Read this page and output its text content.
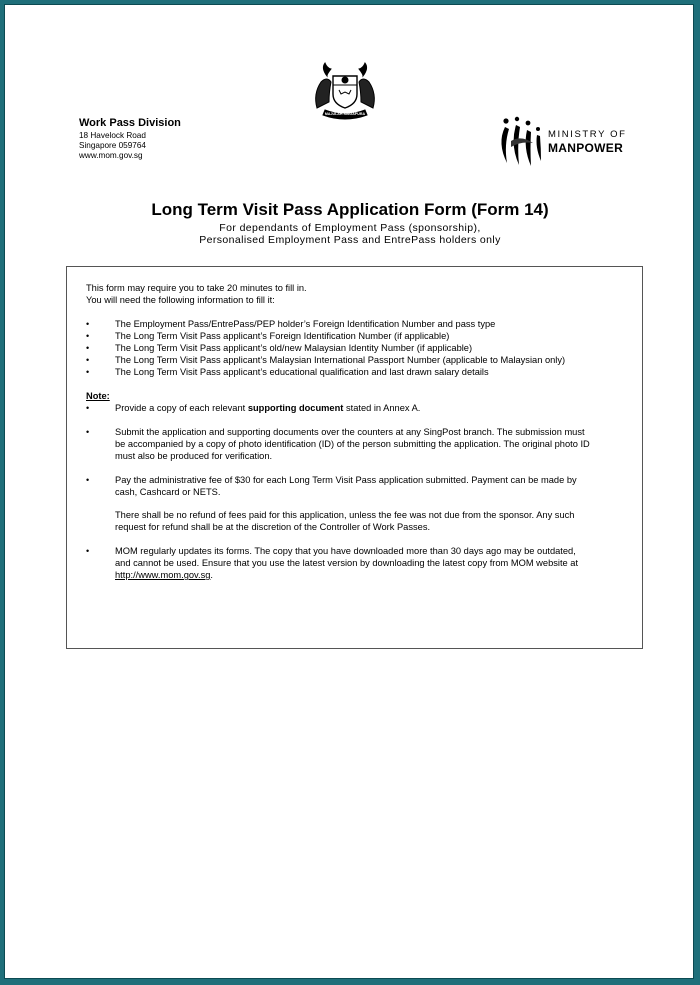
MAJULAH SINGAPURA
Work Pass Division
18 Havelock Road
Singapore 059764
www.mom.gov.sg
MINISTRY OF
MANPOWER
Long Term Visit Pass Application Form (Form 14)
For dependants of Employment Pass (sponsorship),
Personalised Employment Pass and EntrePass holders only
This form may require you to take 20 minutes to fill in.
You will need the following information to fill it:
•	The Employment Pass/EntrePass/PEP holder’s Foreign Identification Number and pass type
•	The Long Term Visit Pass applicant’s Foreign Identification Number (if applicable)
•	The Long Term Visit Pass applicant’s old/new Malaysian Identity Number (if applicable)
•	The Long Term Visit Pass applicant’s Malaysian International Passport Number (applicable to Malaysian only)
•	The Long Term Visit Pass applicant’s educational qualification and last drawn salary details
Note:
•	Provide a copy of each relevant supporting document stated in Annex A.
•	Submit the application and supporting documents over the counters at any SingPost branch. The submission must
be accompanied by a copy of photo identification (ID) of the person submitting the application. The original photo ID
must also be produced for verification.
•	Pay the administrative fee of $30 for each Long Term Visit Pass application submitted. Payment can be made by
cash, Cashcard or NETS.
There shall be no refund of fees paid for this application, unless the fee was not due from the sponsor. Any such
request for refund shall be at the discretion of the Controller of Work Passes.
•	MOM regularly updates its forms. The copy that you have downloaded more than 30 days ago may be outdated,
and cannot be used. Ensure that you use the latest version by downloading the latest copy from MOM website at
http://www.mom.gov.sg.
